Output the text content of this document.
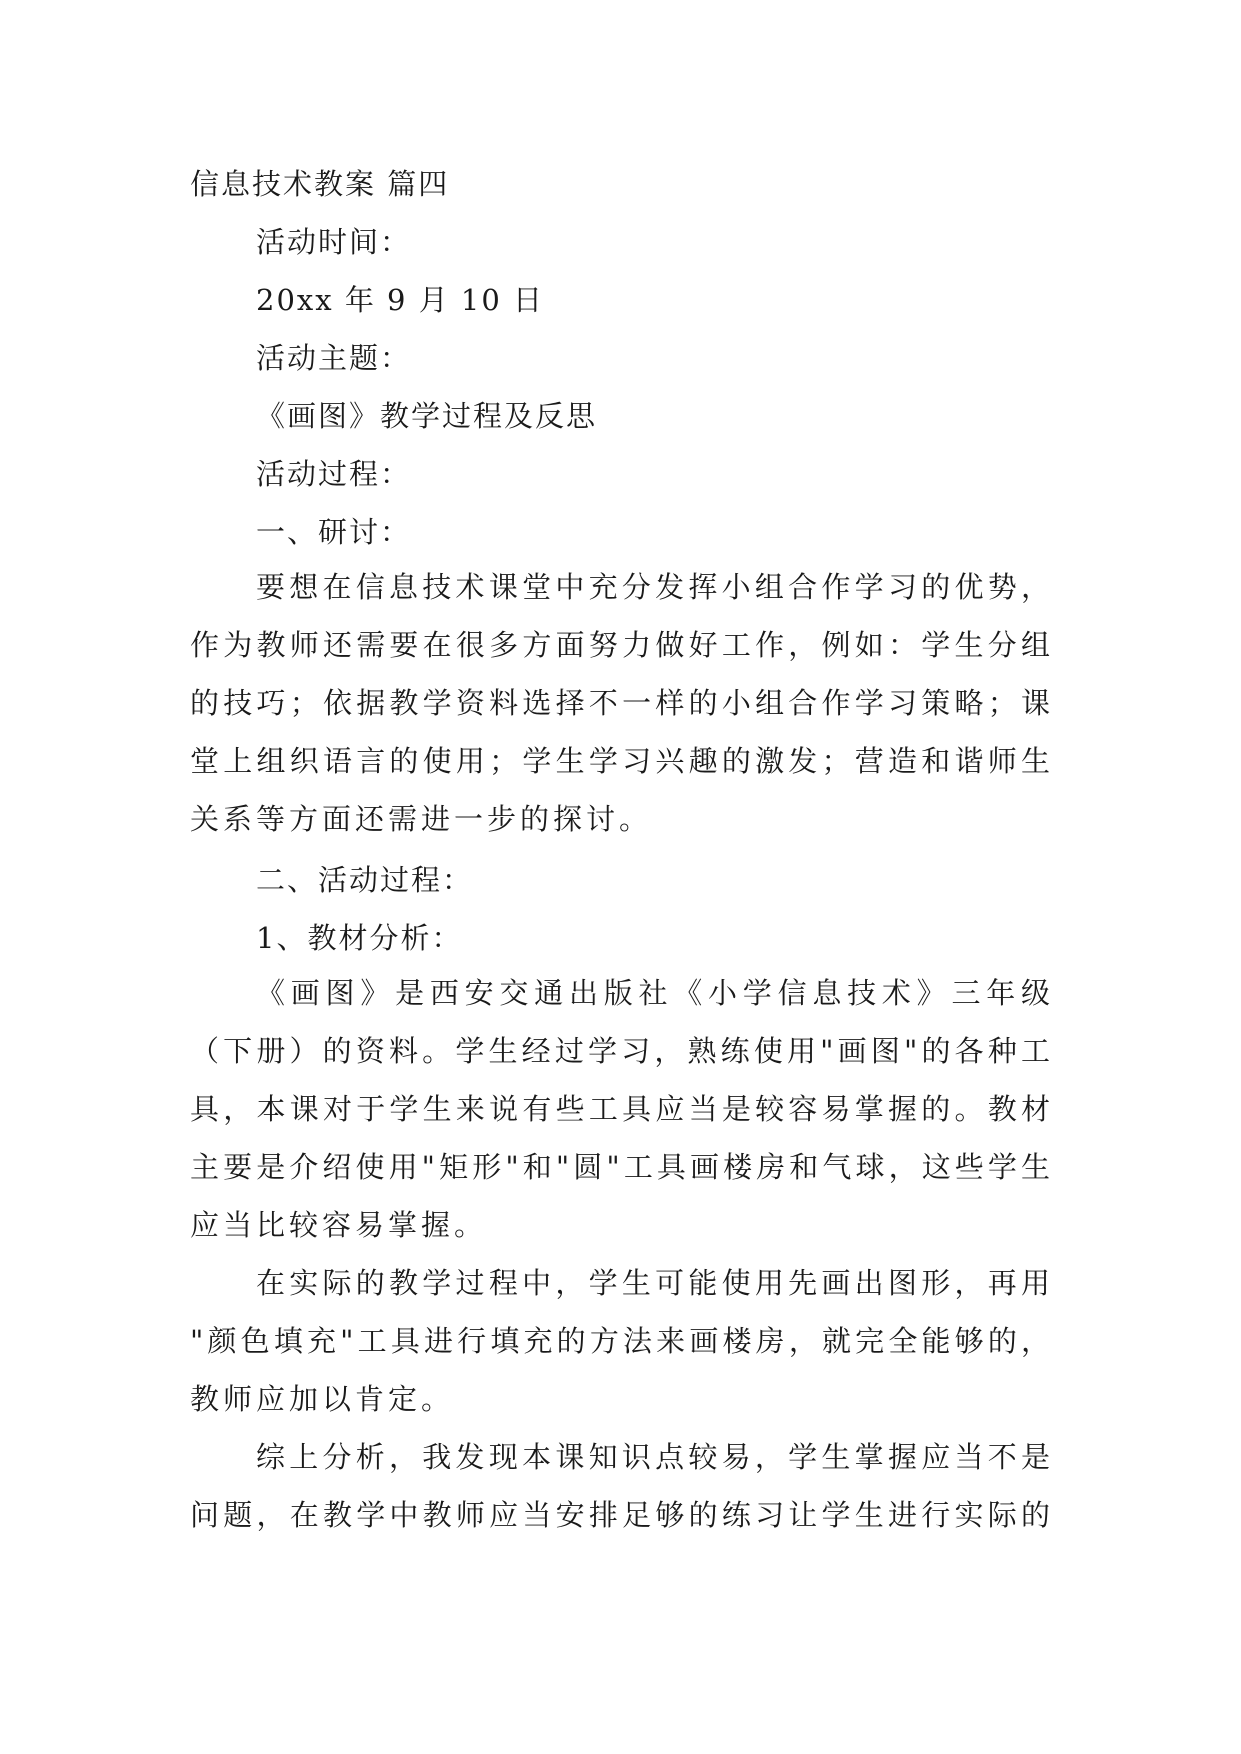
信息技术教案 篇四
活动时间：
20xx 年 9 月 10 日
活动主题：
《画图》教学过程及反思
活动过程：
一、研讨：
要想在信息技术课堂中充分发挥小组合作学习的优势，
作为教师还需要在很多方面努力做好工作，例如：学生分组
的技巧；依据教学资料选择不一样的小组合作学习策略；课
堂上组织语言的使用；学生学习兴趣的激发；营造和谐师生
关系等方面还需进一步的探讨。
二、活动过程：
1、教材分析：
《画图》是西安交通出版社《小学信息技术》三年级
（下册）的资料。学生经过学习，熟练使用"画图"的各种工
具，本课对于学生来说有些工具应当是较容易掌握的。教材
主要是介绍使用"矩形"和"圆"工具画楼房和气球，这些学生
应当比较容易掌握。
在实际的教学过程中，学生可能使用先画出图形，再用
"颜色填充"工具进行填充的方法来画楼房，就完全能够的，
教师应加以肯定。
综上分析，我发现本课知识点较易，学生掌握应当不是
问题，在教学中教师应当安排足够的练习让学生进行实际的
